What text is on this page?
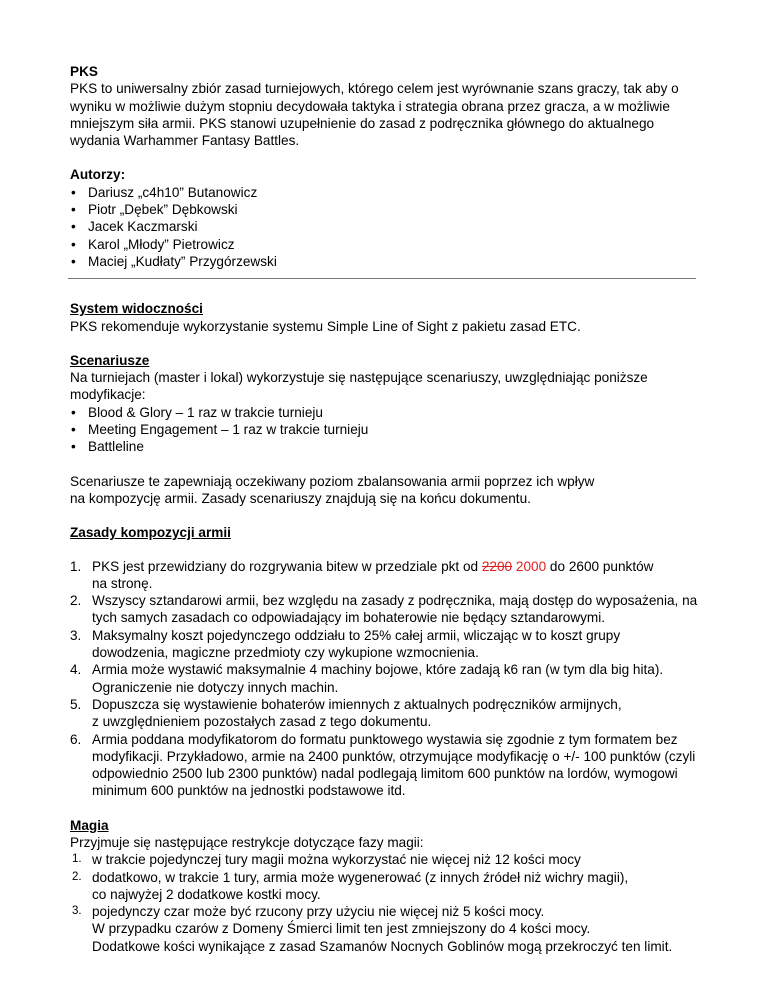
PKS
PKS to uniwersalny zbiór zasad turniejowych, którego celem jest wyrównanie szans graczy, tak aby o wyniku w możliwie dużym stopniu decydowała taktyka i strategia obrana przez gracza, a w możliwie mniejszym siła armii. PKS stanowi uzupełnienie do zasad z podręcznika głównego do aktualnego wydania Warhammer Fantasy Battles.
Autorzy:
• Dariusz „c4h10” Butanowicz
• Piotr „Dębek” Dębkowski
• Jacek Kaczmarski
• Karol „Młody” Pietrowicz
• Maciej „Kudłaty” Przygórzewski
System widoczności
PKS rekomenduje wykorzystanie systemu Simple Line of Sight z pakietu zasad ETC.
Scenariusze
Na turniejach (master i lokal) wykorzystuje się następujące scenariuszy, uwzględniając poniższe modyfikacje:
• Blood & Glory – 1 raz w trakcie turnieju
• Meeting Engagement – 1 raz w trakcie turnieju
• Battleline
Scenariusze te zapewniają oczekiwany poziom zbalansowania armii poprzez ich wpływ
na kompozycję armii. Zasady scenariuszy znajdują się na końcu dokumentu.
Zasady kompozycji armii
1. PKS jest przewidziany do rozgrywania bitew w przedziale pkt od 2200 2000 do 2600 punktów
na stronę.
2. Wszyscy sztandarowi armii, bez względu na zasady z podręcznika, mają dostęp do wyposażenia, na tych samych zasadach co odpowiadający im bohaterowie nie będący sztandarowymi.
3. Maksymalny koszt pojedynczego oddziału to 25% całej armii, wliczając w to koszt grupy dowodzenia, magiczne przedmioty czy wykupione wzmocnienia.
4. Armia może wystawić maksymalnie 4 machiny bojowe, które zadają k6 ran (w tym dla big hita). Ograniczenie nie dotyczy innych machin.
5. Dopuszcza się wystawienie bohaterów imiennych z aktualnych podręczników armijnych,
z uwzględnieniem pozostałych zasad z tego dokumentu.
6. Armia poddana modyfikatorom do formatu punktowego wystawia się zgodnie z tym formatem bez modyfikacji. Przykładowo, armie na 2400 punktów, otrzymujące modyfikację o +/- 100 punktów (czyli odpowiednio 2500 lub 2300 punktów) nadal podlegają limitom 600 punktów na lordów, wymogowi minimum 600 punktów na jednostki podstawowe itd.
Magia
Przyjmuje się następujące restrykcje dotyczące fazy magii:
1. w trakcie pojedynczej tury magii można wykorzystać nie więcej niż 12 kości mocy
2. dodatkowo, w trakcie 1 tury, armia może wygenerować (z innych źródeł niż wichry magii),
co najwyżej 2 dodatkowe kostki mocy.
3. pojedynczy czar może być rzucony przy użyciu nie więcej niż 5 kości mocy.
W przypadku czarów z Domeny Śmierci limit ten jest zmniejszony do 4 kości mocy.
Dodatkowe kości wynikające z zasad Szamanów Nocnych Goblinów mogą przekroczyć ten limit.
